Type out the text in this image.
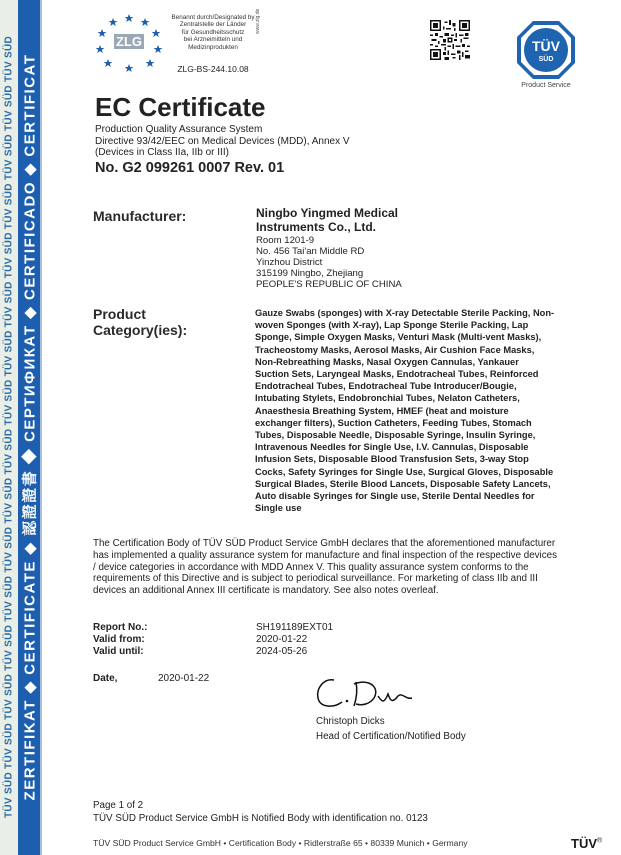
TÜV SÜD TÜV SÜD TÜV SÜD TÜV SÜD TÜV SÜD TÜV SÜD TÜV SÜD TÜV SÜD TÜV SÜD TÜV SÜD TÜV SÜD TÜV SÜD TÜV SÜD TÜV SÜD TÜV SÜD TÜV SÜD ZERTIFIKAT ◆ CERTIFICATE ◆ 認證證書 ◆ СЕРТИФИКАТ ◆ CERTIFICADO ◆ CERTIFICAT
ZLG
Benannt durch/Designated by
Zentralstelle der Länder
für Gesundheitsschutz
bei Arzneimitteln und
Medizinprodukten
www.zlg.de
ZLG-BS-244.10.08
TÜV
SÜD
Product Service
EC Certificate
Production Quality Assurance System
Directive 93/42/EEC on Medical Devices (MDD), Annex V
(Devices in Class IIa, IIb or III)
No. G2 099261 0007 Rev. 01
Manufacturer:	Ningbo Yingmed Medical
Instruments Co., Ltd.
Room 1201-9
No. 456 Tai'an Middle RD
Yinzhou District
315199 Ningbo, Zhejiang
PEOPLE'S REPUBLIC OF CHINA
Product
Category(ies):
Gauze Swabs (sponges) with X-ray Detectable Sterile Packing, Non-woven Sponges (with X-ray), Lap Sponge Sterile Packing, Lap Sponge, Simple Oxygen Masks, Venturi Mask (Multi-vent Masks), Tracheostomy Masks, Aerosol Masks, Air Cushion Face Masks, Non-Rebreathing Masks, Nasal Oxygen Cannulas, Yankauer Suction Sets, Laryngeal Masks, Endotracheal Tubes, Reinforced Endotracheal Tubes, Endotracheal Tube Introducer/Bougie, Intubating Stylets, Endobronchial Tubes, Nelaton Catheters, Anaesthesia Breathing System, HMEF (heat and moisture exchanger filters), Suction Catheters, Feeding Tubes, Stomach Tubes, Disposable Needle, Disposable Syringe, Insulin Syringe, Intravenous Needles for Single Use, I.V. Cannulas, Disposable Infusion Sets, Disposable Blood Transfusion Sets, 3-way Stop Cocks, Safety Syringes for Single Use, Surgical Gloves, Disposable Surgical Blades, Sterile Blood Lancets, Disposable Safety Lancets, Auto disable Syringes for Single use, Sterile Dental Needles for Single use
The Certification Body of TÜV SÜD Product Service GmbH declares that the aforementioned manufacturer has implemented a quality assurance system for manufacture and final inspection of the respective devices / device categories in accordance with MDD Annex V. This quality assurance system conforms to the requirements of this Directive and is subject to periodical surveillance. For marketing of class IIb and III devices an additional Annex III certificate is mandatory. See also notes overleaf.
Report No.:	SH191189EXT01
Valid from:	2020-01-22
Valid until:	2024-05-26
Date,	2020-01-22
Christoph Dicks
Head of Certification/Notified Body
Page 1 of 2
TÜV SÜD Product Service GmbH is Notified Body with identification no. 0123
TÜV SÜD Product Service GmbH • Certification Body • Ridlerstraße 65 • 80339 Munich • Germany	TÜV®
